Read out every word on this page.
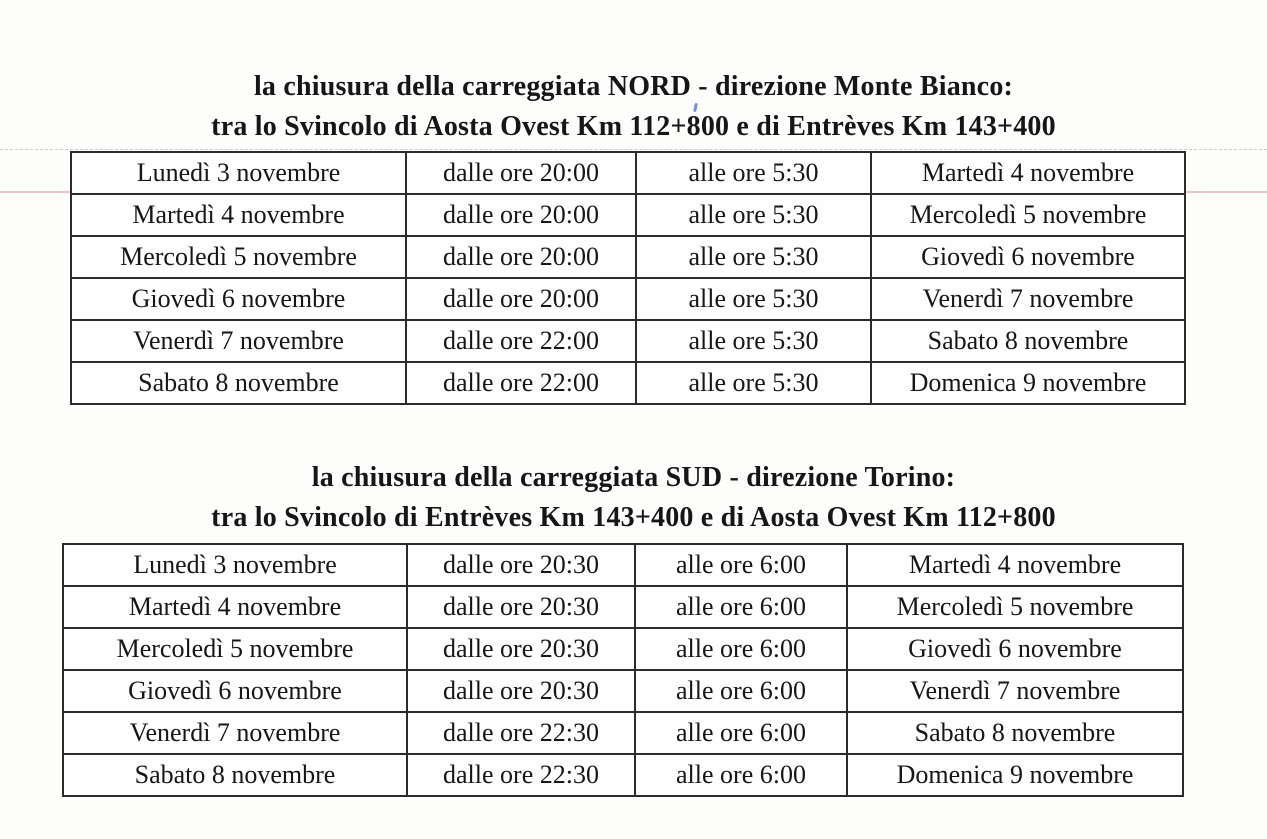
la chiusura della carreggiata NORD - direzione Monte Bianco:
tra lo Svincolo di Aosta Ovest Km 112+800 e di Entrèves Km 143+400
Lunedì 3 novembre	dalle ore 20:00	alle ore 5:30	Martedì 4 novembre
Martedì 4 novembre	dalle ore 20:00	alle ore 5:30	Mercoledì 5 novembre
Mercoledì 5 novembre	dalle ore 20:00	alle ore 5:30	Giovedì 6 novembre
Giovedì 6 novembre	dalle ore 20:00	alle ore 5:30	Venerdì 7 novembre
Venerdì 7 novembre	dalle ore 22:00	alle ore 5:30	Sabato 8 novembre
Sabato 8 novembre	dalle ore 22:00	alle ore 5:30	Domenica 9 novembre
la chiusura della carreggiata SUD - direzione Torino:
tra lo Svincolo di Entrèves Km 143+400 e di Aosta Ovest Km 112+800
Lunedì 3 novembre	dalle ore 20:30	alle ore 6:00	Martedì 4 novembre
Martedì 4 novembre	dalle ore 20:30	alle ore 6:00	Mercoledì 5 novembre
Mercoledì 5 novembre	dalle ore 20:30	alle ore 6:00	Giovedì 6 novembre
Giovedì 6 novembre	dalle ore 20:30	alle ore 6:00	Venerdì 7 novembre
Venerdì 7 novembre	dalle ore 22:30	alle ore 6:00	Sabato 8 novembre
Sabato 8 novembre	dalle ore 22:30	alle ore 6:00	Domenica 9 novembre
